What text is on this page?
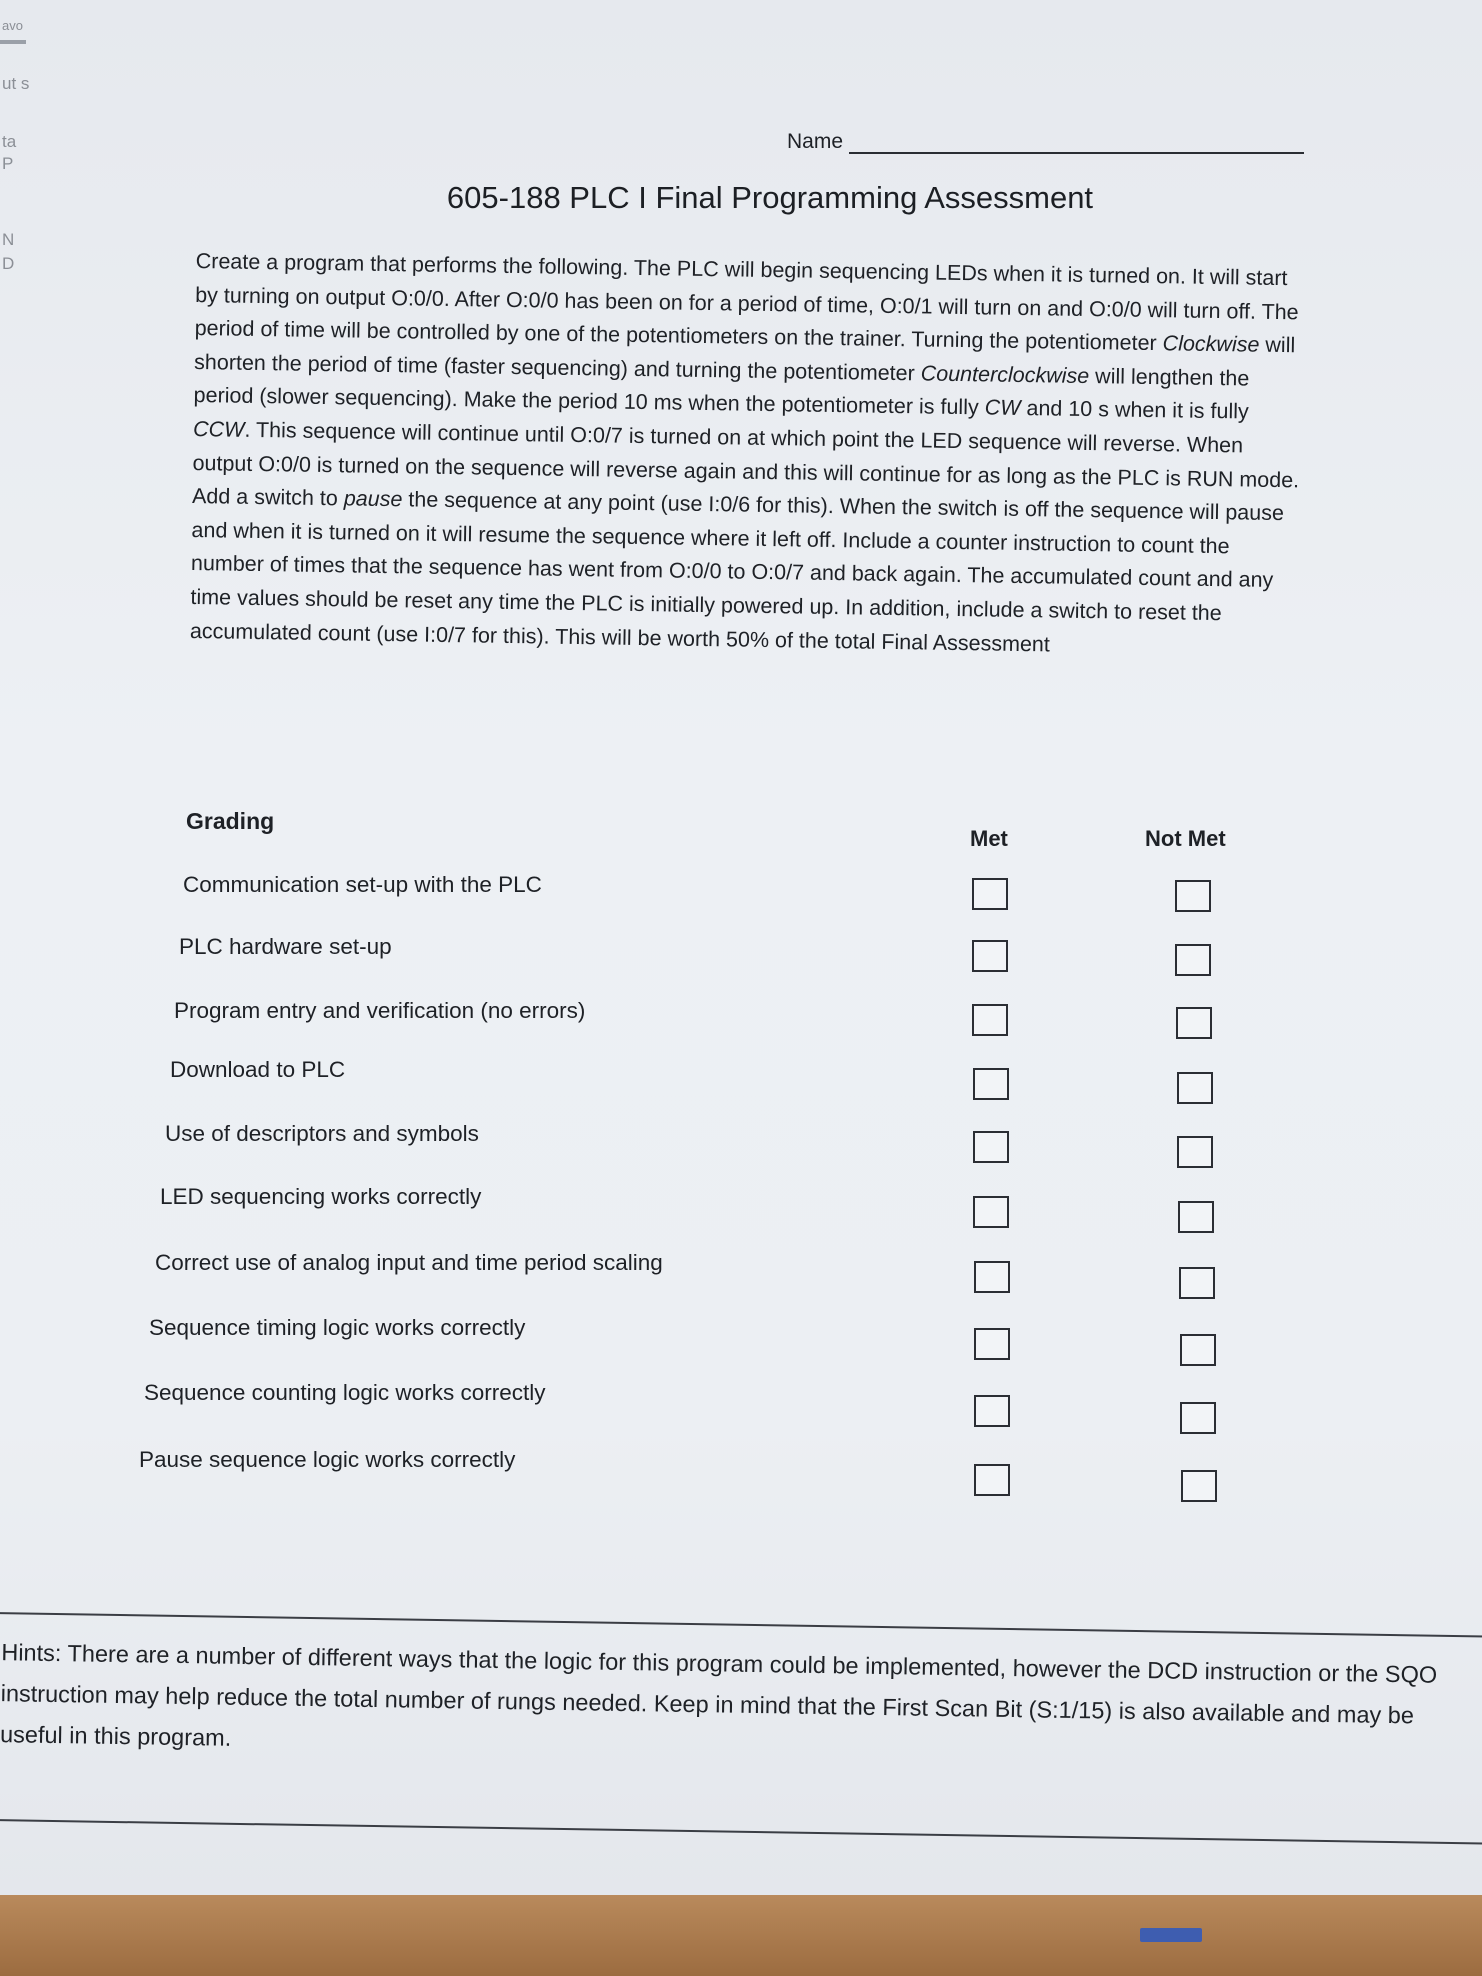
avo
ut s
ta
P
N
D
Name
605-188 PLC I Final Programming Assessment

Create a program that performs the following. The PLC will begin sequencing LEDs when it is turned on. It will start by turning on output O:0/0. After O:0/0 has been on for a period of time, O:0/1 will turn on and O:0/0 will turn off. The period of time will be controlled by one of the potentiometers on the trainer. Turning the potentiometer Clockwise will shorten the period of time (faster sequencing) and turning the potentiometer Counterclockwise will lengthen the period (slower sequencing). Make the period 10 ms when the potentiometer is fully CW and 10 s when it is fully CCW. This sequence will continue until O:0/7 is turned on at which point the LED sequence will reverse. When output O:0/0 is turned on the sequence will reverse again and this will continue for as long as the PLC is RUN mode. Add a switch to pause the sequence at any point (use I:0/6 for this). When the switch is off the sequence will pause and when it is turned on it will resume the sequence where it left off. Include a counter instruction to count the number of times that the sequence has went from O:0/0 to O:0/7 and back again. The accumulated count and any time values should be reset any time the PLC is initially powered up. In addition, include a switch to reset the accumulated count (use I:0/7 for this). This will be worth 50% of the total Final Assessment

Grading
Met	Not Met
Communication set-up with the PLC
PLC hardware set-up
Program entry and verification (no errors)
Download to PLC
Use of descriptors and symbols
LED sequencing works correctly
Correct use of analog input and time period scaling
Sequence timing logic works correctly
Sequence counting logic works correctly
Pause sequence logic works correctly

Hints: There are a number of different ways that the logic for this program could be implemented, however the DCD instruction or the SQO instruction may help reduce the total number of rungs needed. Keep in mind that the First Scan Bit (S:1/15) is also available and may be useful in this program.
